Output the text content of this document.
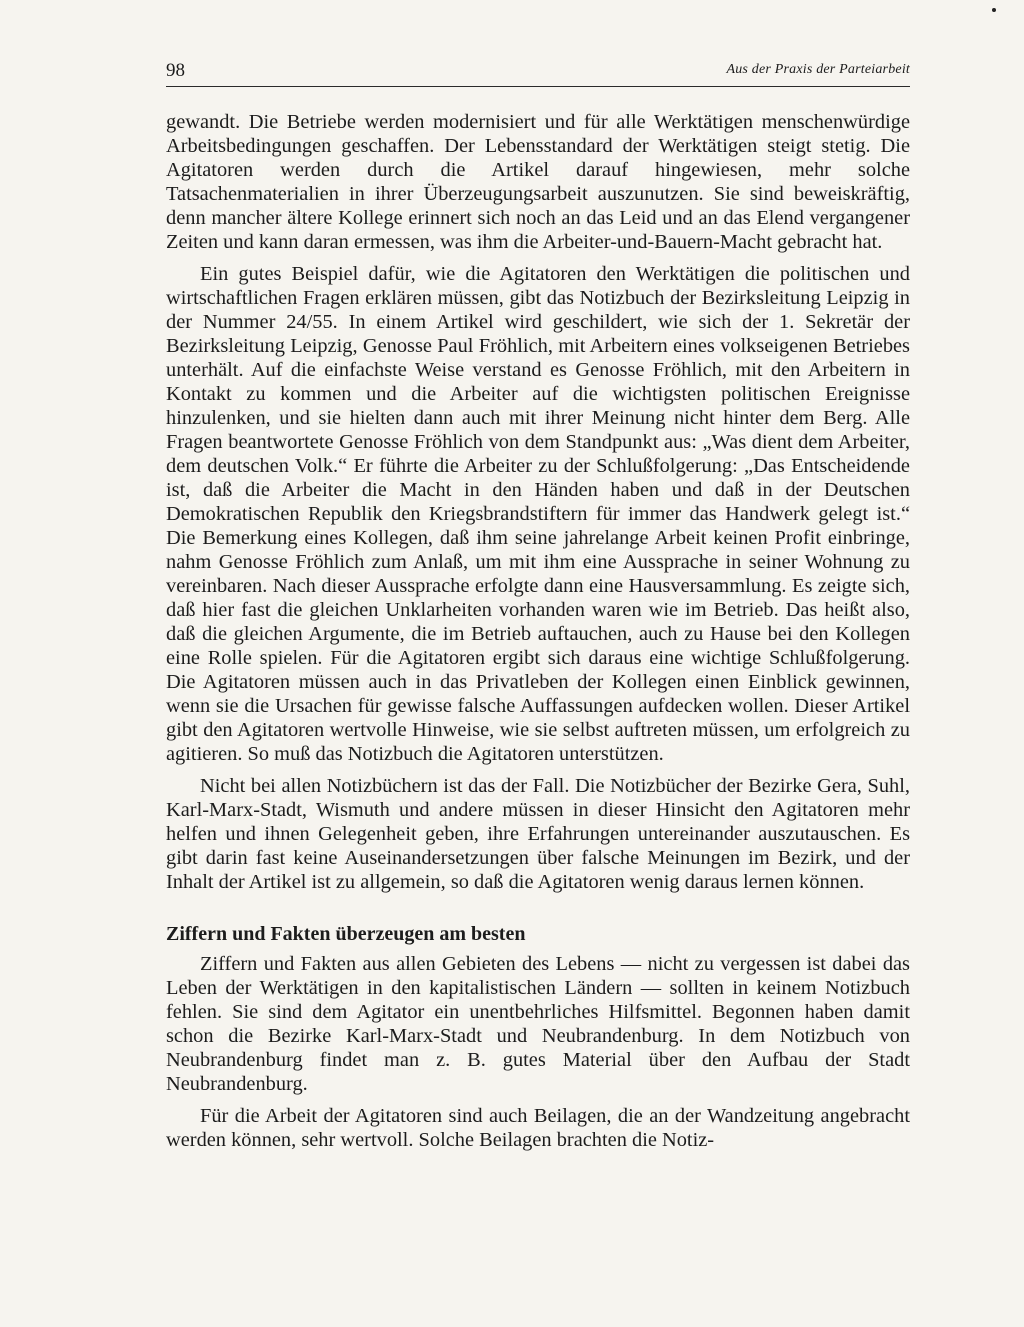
98	Aus der Praxis der Parteiarbeit

gewandt. Die Betriebe werden modernisiert und für alle Werktätigen menschenwürdige Arbeitsbedingungen geschaffen. Der Lebensstandard der Werktätigen steigt stetig. Die Agitatoren werden durch die Artikel darauf hingewiesen, mehr solche Tatsachenmaterialien in ihrer Überzeugungsarbeit auszunutzen. Sie sind beweiskräftig, denn mancher ältere Kollege erinnert sich noch an das Leid und an das Elend vergangener Zeiten und kann daran ermessen, was ihm die Arbeiter-und-Bauern-Macht gebracht hat.

Ein gutes Beispiel dafür, wie die Agitatoren den Werktätigen die politischen und wirtschaftlichen Fragen erklären müssen, gibt das Notizbuch der Bezirksleitung Leipzig in der Nummer 24/55. In einem Artikel wird geschildert, wie sich der 1. Sekretär der Bezirksleitung Leipzig, Genosse Paul Fröhlich, mit Arbeitern eines volkseigenen Betriebes unterhält. Auf die einfachste Weise verstand es Genosse Fröhlich, mit den Arbeitern in Kontakt zu kommen und die Arbeiter auf die wichtigsten politischen Ereignisse hinzulenken, und sie hielten dann auch mit ihrer Meinung nicht hinter dem Berg. Alle Fragen beantwortete Genosse Fröhlich von dem Standpunkt aus: „Was dient dem Arbeiter, dem deutschen Volk.“ Er führte die Arbeiter zu der Schlußfolgerung: „Das Entscheidende ist, daß die Arbeiter die Macht in den Händen haben und daß in der Deutschen Demokratischen Republik den Kriegsbrandstiftern für immer das Handwerk gelegt ist.“ Die Bemerkung eines Kollegen, daß ihm seine jahrelange Arbeit keinen Profit einbringe, nahm Genosse Fröhlich zum Anlaß, um mit ihm eine Aussprache in seiner Wohnung zu vereinbaren. Nach dieser Aussprache erfolgte dann eine Hausversammlung. Es zeigte sich, daß hier fast die gleichen Unklarheiten vorhanden waren wie im Betrieb. Das heißt also, daß die gleichen Argumente, die im Betrieb auftauchen, auch zu Hause bei den Kollegen eine Rolle spielen. Für die Agitatoren ergibt sich daraus eine wichtige Schlußfolgerung. Die Agitatoren müssen auch in das Privatleben der Kollegen einen Einblick gewinnen, wenn sie die Ursachen für gewisse falsche Auffassungen aufdecken wollen. Dieser Artikel gibt den Agitatoren wertvolle Hinweise, wie sie selbst auftreten müssen, um erfolgreich zu agitieren. So muß das Notizbuch die Agitatoren unterstützen.

Nicht bei allen Notizbüchern ist das der Fall. Die Notizbücher der Bezirke Gera, Suhl, Karl-Marx-Stadt, Wismuth und andere müssen in dieser Hinsicht den Agitatoren mehr helfen und ihnen Gelegenheit geben, ihre Erfahrungen untereinander auszutauschen. Es gibt darin fast keine Auseinandersetzungen über falsche Meinungen im Bezirk, und der Inhalt der Artikel ist zu allgemein, so daß die Agitatoren wenig daraus lernen können.

Ziffern und Fakten überzeugen am besten

Ziffern und Fakten aus allen Gebieten des Lebens — nicht zu vergessen ist dabei das Leben der Werktätigen in den kapitalistischen Ländern — sollten in keinem Notizbuch fehlen. Sie sind dem Agitator ein unentbehrliches Hilfsmittel. Begonnen haben damit schon die Bezirke Karl-Marx-Stadt und Neubrandenburg. In dem Notizbuch von Neubrandenburg findet man z. B. gutes Material über den Aufbau der Stadt Neubrandenburg.

Für die Arbeit der Agitatoren sind auch Beilagen, die an der Wandzeitung angebracht werden können, sehr wertvoll. Solche Beilagen brachten die Notiz-
